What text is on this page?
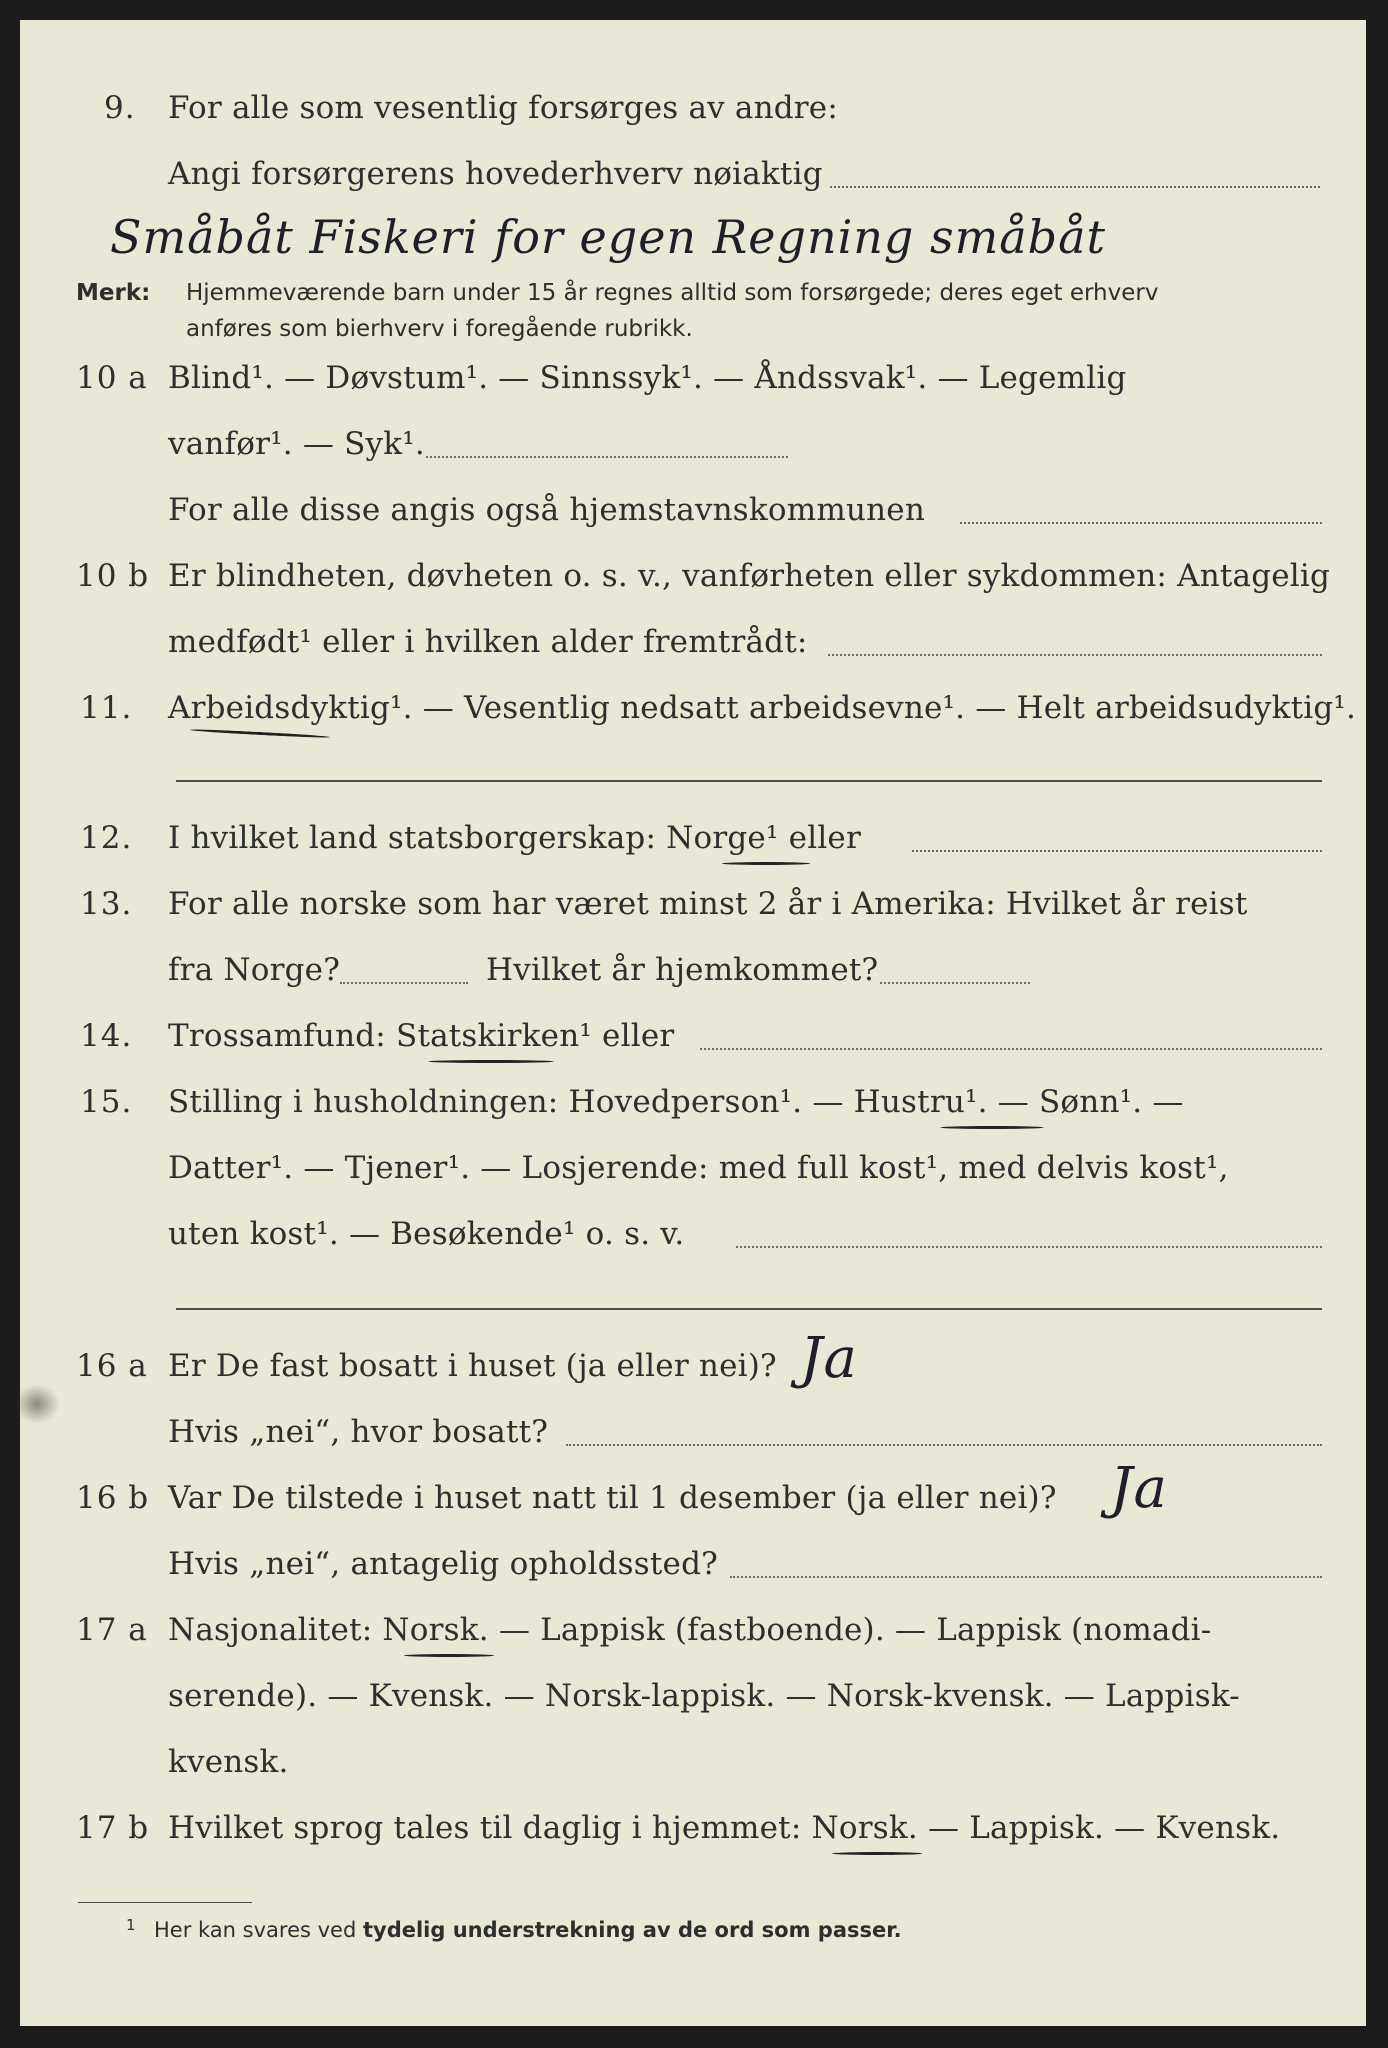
9. For alle som vesentlig forsørges av andre:
Angi forsørgerens hovederhverv nøiaktig
Småbåt Fiskeri for egen Regning småbåt
Merk: Hjemmeværende barn under 15 år regnes alltid som forsørgede; deres eget erhverv
anføres som bierhverv i foregående rubrikk.
10 a Blind¹. — Døvstum¹. — Sinnssyk¹. — Åndssvak¹. — Legemlig
vanfør¹. — Syk¹.
For alle disse angis også hjemstavnskommunen
10 b Er blindheten, døvheten o. s. v., vanførheten eller sykdommen: Antagelig
medfødt¹ eller i hvilken alder fremtrådt:
11. Arbeidsdyktig¹. — Vesentlig nedsatt arbeidsevne¹. — Helt arbeidsudyktig¹.
12. I hvilket land statsborgerskap: Norge¹ eller
13. For alle norske som har været minst 2 år i Amerika: Hvilket år reist
fra Norge?	Hvilket år hjemkommet?
14. Trossamfund: Statskirken¹ eller
15. Stilling i husholdningen: Hovedperson¹. — Hustru¹. — Sønn¹. —
Datter¹. — Tjener¹. — Losjerende: med full kost¹, med delvis kost¹,
uten kost¹. — Besøkende¹ o. s. v.
16 a Er De fast bosatt i huset (ja eller nei)? Ja
Hvis „nei“, hvor bosatt?
16 b Var De tilstede i huset natt til 1 desember (ja eller nei)? Ja
Hvis „nei“, antagelig opholdssted?
17 a Nasjonalitet: Norsk. — Lappisk (fastboende). — Lappisk (nomadi-
serende). — Kvensk. — Norsk-lappisk. — Norsk-kvensk. — Lappisk-
kvensk.
17 b Hvilket sprog tales til daglig i hjemmet: Norsk. — Lappisk. — Kvensk.
1 Her kan svares ved tydelig understrekning av de ord som passer.
